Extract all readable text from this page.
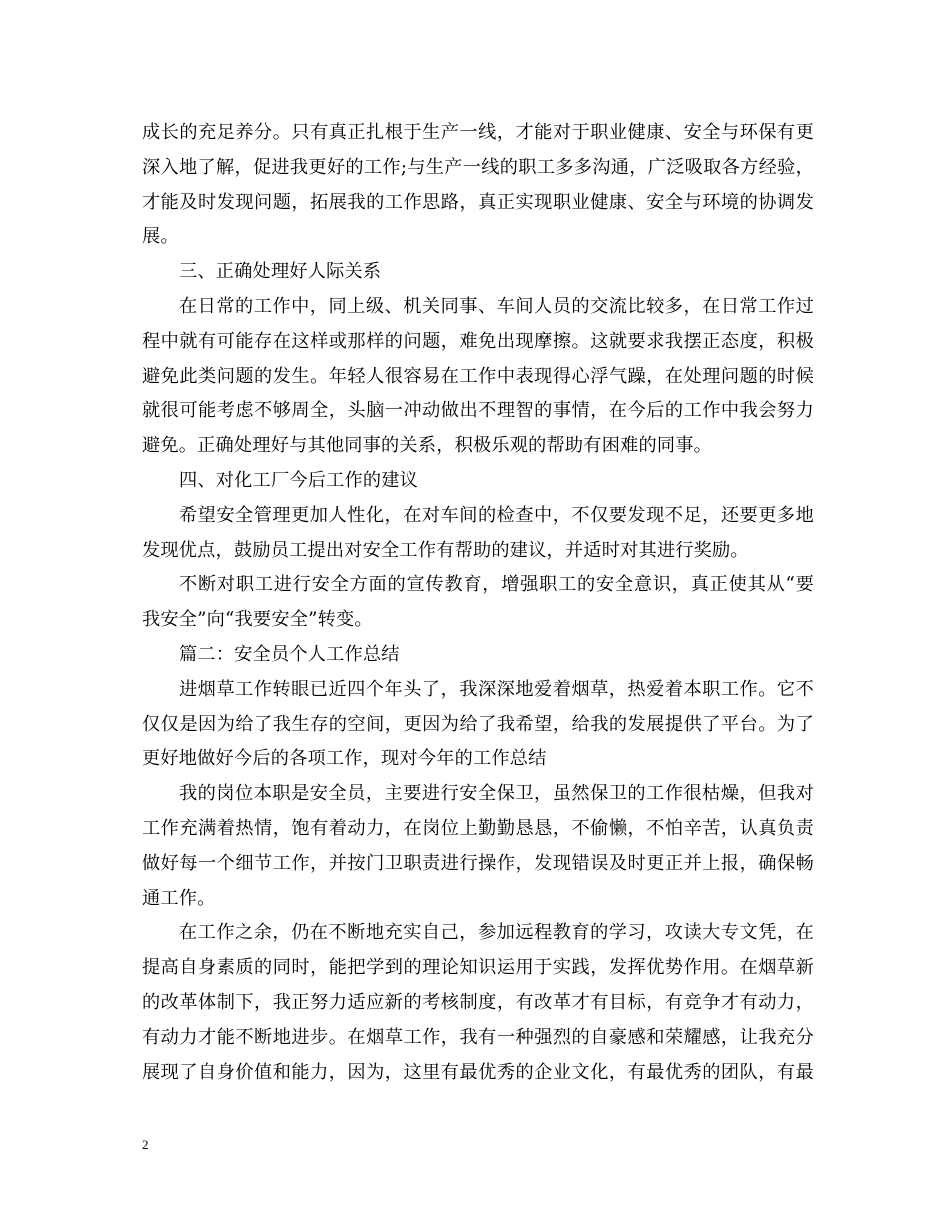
成长的充足养分。只有真正扎根于生产一线，才能对于职业健康、安全与环保有更
深入地了解，促进我更好的工作;与生产一线的职工多多沟通，广泛吸取各方经验，
才能及时发现问题，拓展我的工作思路，真正实现职业健康、安全与环境的协调发
展。
三、正确处理好人际关系
在日常的工作中，同上级、机关同事、车间人员的交流比较多，在日常工作过
程中就有可能存在这样或那样的问题，难免出现摩擦。这就要求我摆正态度，积极
避免此类问题的发生。年轻人很容易在工作中表现得心浮气躁，在处理问题的时候
就很可能考虑不够周全，头脑一冲动做出不理智的事情，在今后的工作中我会努力
避免。正确处理好与其他同事的关系，积极乐观的帮助有困难的同事。
四、对化工厂今后工作的建议
希望安全管理更加人性化，在对车间的检查中，不仅要发现不足，还要更多地
发现优点，鼓励员工提出对安全工作有帮助的建议，并适时对其进行奖励。
不断对职工进行安全方面的宣传教育，增强职工的安全意识，真正使其从“要
我安全”向“我要安全”转变。
篇二：安全员个人工作总结
进烟草工作转眼已近四个年头了，我深深地爱着烟草，热爱着本职工作。它不
仅仅是因为给了我生存的空间，更因为给了我希望，给我的发展提供了平台。为了
更好地做好今后的各项工作，现对今年的工作总结
我的岗位本职是安全员，主要进行安全保卫，虽然保卫的工作很枯燥，但我对
工作充满着热情，饱有着动力，在岗位上勤勤恳恳，不偷懒，不怕辛苦，认真负责
做好每一个细节工作，并按门卫职责进行操作，发现错误及时更正并上报，确保畅
通工作。
在工作之余，仍在不断地充实自己，参加远程教育的学习，攻读大专文凭，在
提高自身素质的同时，能把学到的理论知识运用于实践，发挥优势作用。在烟草新
的改革体制下，我正努力适应新的考核制度，有改革才有目标，有竞争才有动力，
有动力才能不断地进步。在烟草工作，我有一种强烈的自豪感和荣耀感，让我充分
展现了自身价值和能力，因为，这里有最优秀的企业文化，有最优秀的团队，有最
2
